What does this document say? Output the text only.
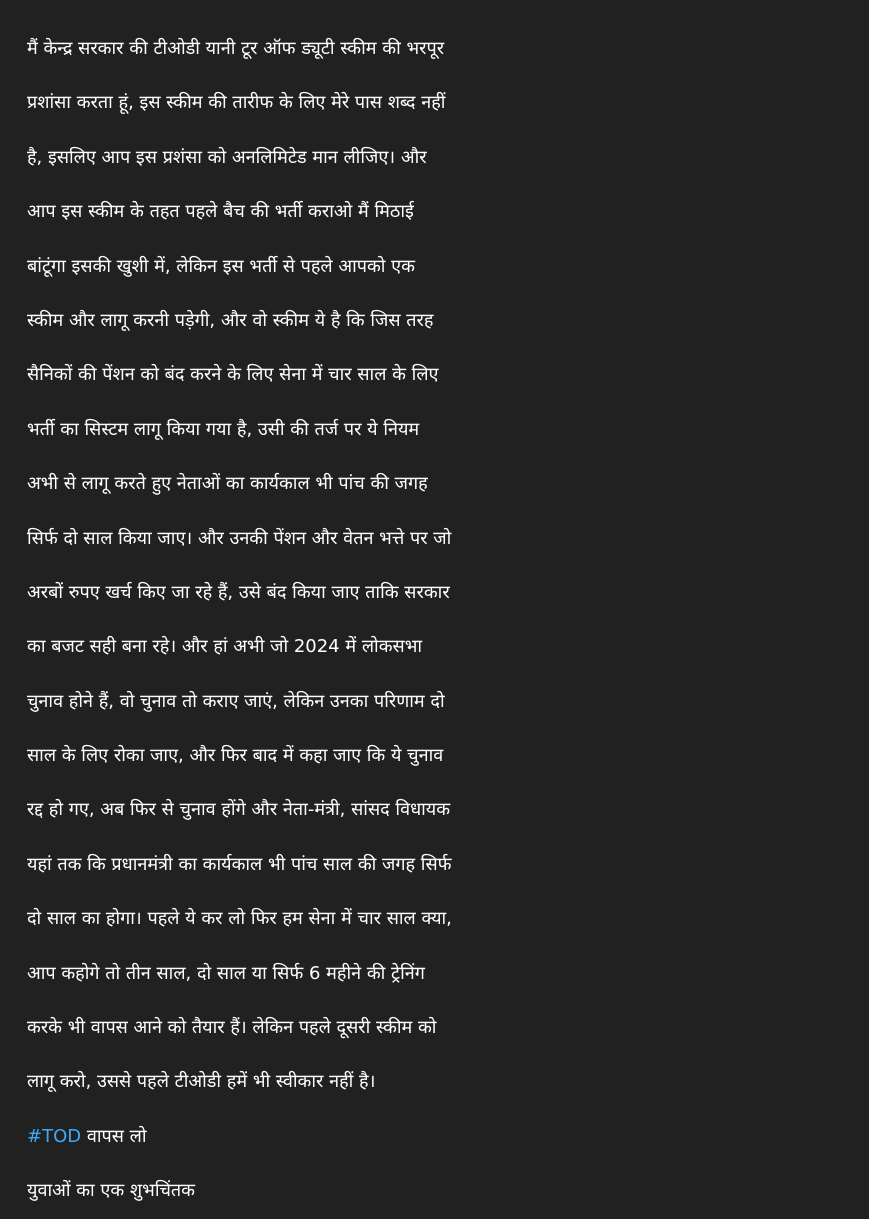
मैं केन्द्र सरकार की टीओडी यानी टूर ऑफ ड्यूटी स्कीम की भरपूर
प्रशांसा करता हूं, इस स्कीम की तारीफ के लिए मेरे पास शब्द नहीं
है, इसलिए आप इस प्रशंसा को अनलिमिटेड मान लीजिए। और
आप इस स्कीम के तहत पहले बैच की भर्ती कराओ मैं मिठाई
बांटूंगा इसकी खुशी में, लेकिन इस भर्ती से पहले आपको एक
स्कीम और लागू करनी पड़ेगी, और वो स्कीम ये है कि जिस तरह
सैनिकों की पेंशन को बंद करने के लिए सेना में चार साल के लिए
भर्ती का सिस्टम लागू किया गया है, उसी की तर्ज पर ये नियम
अभी से लागू करते हुए नेताओं का कार्यकाल भी पांच की जगह
सिर्फ दो साल किया जाए। और उनकी पेंशन और वेतन भत्ते पर जो
अरबों रुपए खर्च किए जा रहे हैं, उसे बंद किया जाए ताकि सरकार
का बजट सही बना रहे। और हां अभी जो 2024 में लोकसभा
चुनाव होने हैं, वो चुनाव तो कराए जाएं, लेकिन उनका परिणाम दो
साल के लिए रोका जाए, और फिर बाद में कहा जाए कि ये चुनाव
रद्द हो गए, अब फिर से चुनाव होंगे और नेता-मंत्री, सांसद विधायक
यहां तक कि प्रधानमंत्री का कार्यकाल भी पांच साल की जगह सिर्फ
दो साल का होगा। पहले ये कर लो फिर हम सेना में चार साल क्या,
आप कहोगे तो तीन साल, दो साल या सिर्फ 6 महीने की ट्रेनिंग
करके भी वापस आने को तैयार हैं। लेकिन पहले दूसरी स्कीम को
लागू करो, उससे पहले टीओडी हमें भी स्वीकार नहीं है।
#TOD वापस लो
युवाओं का एक शुभचिंतक
